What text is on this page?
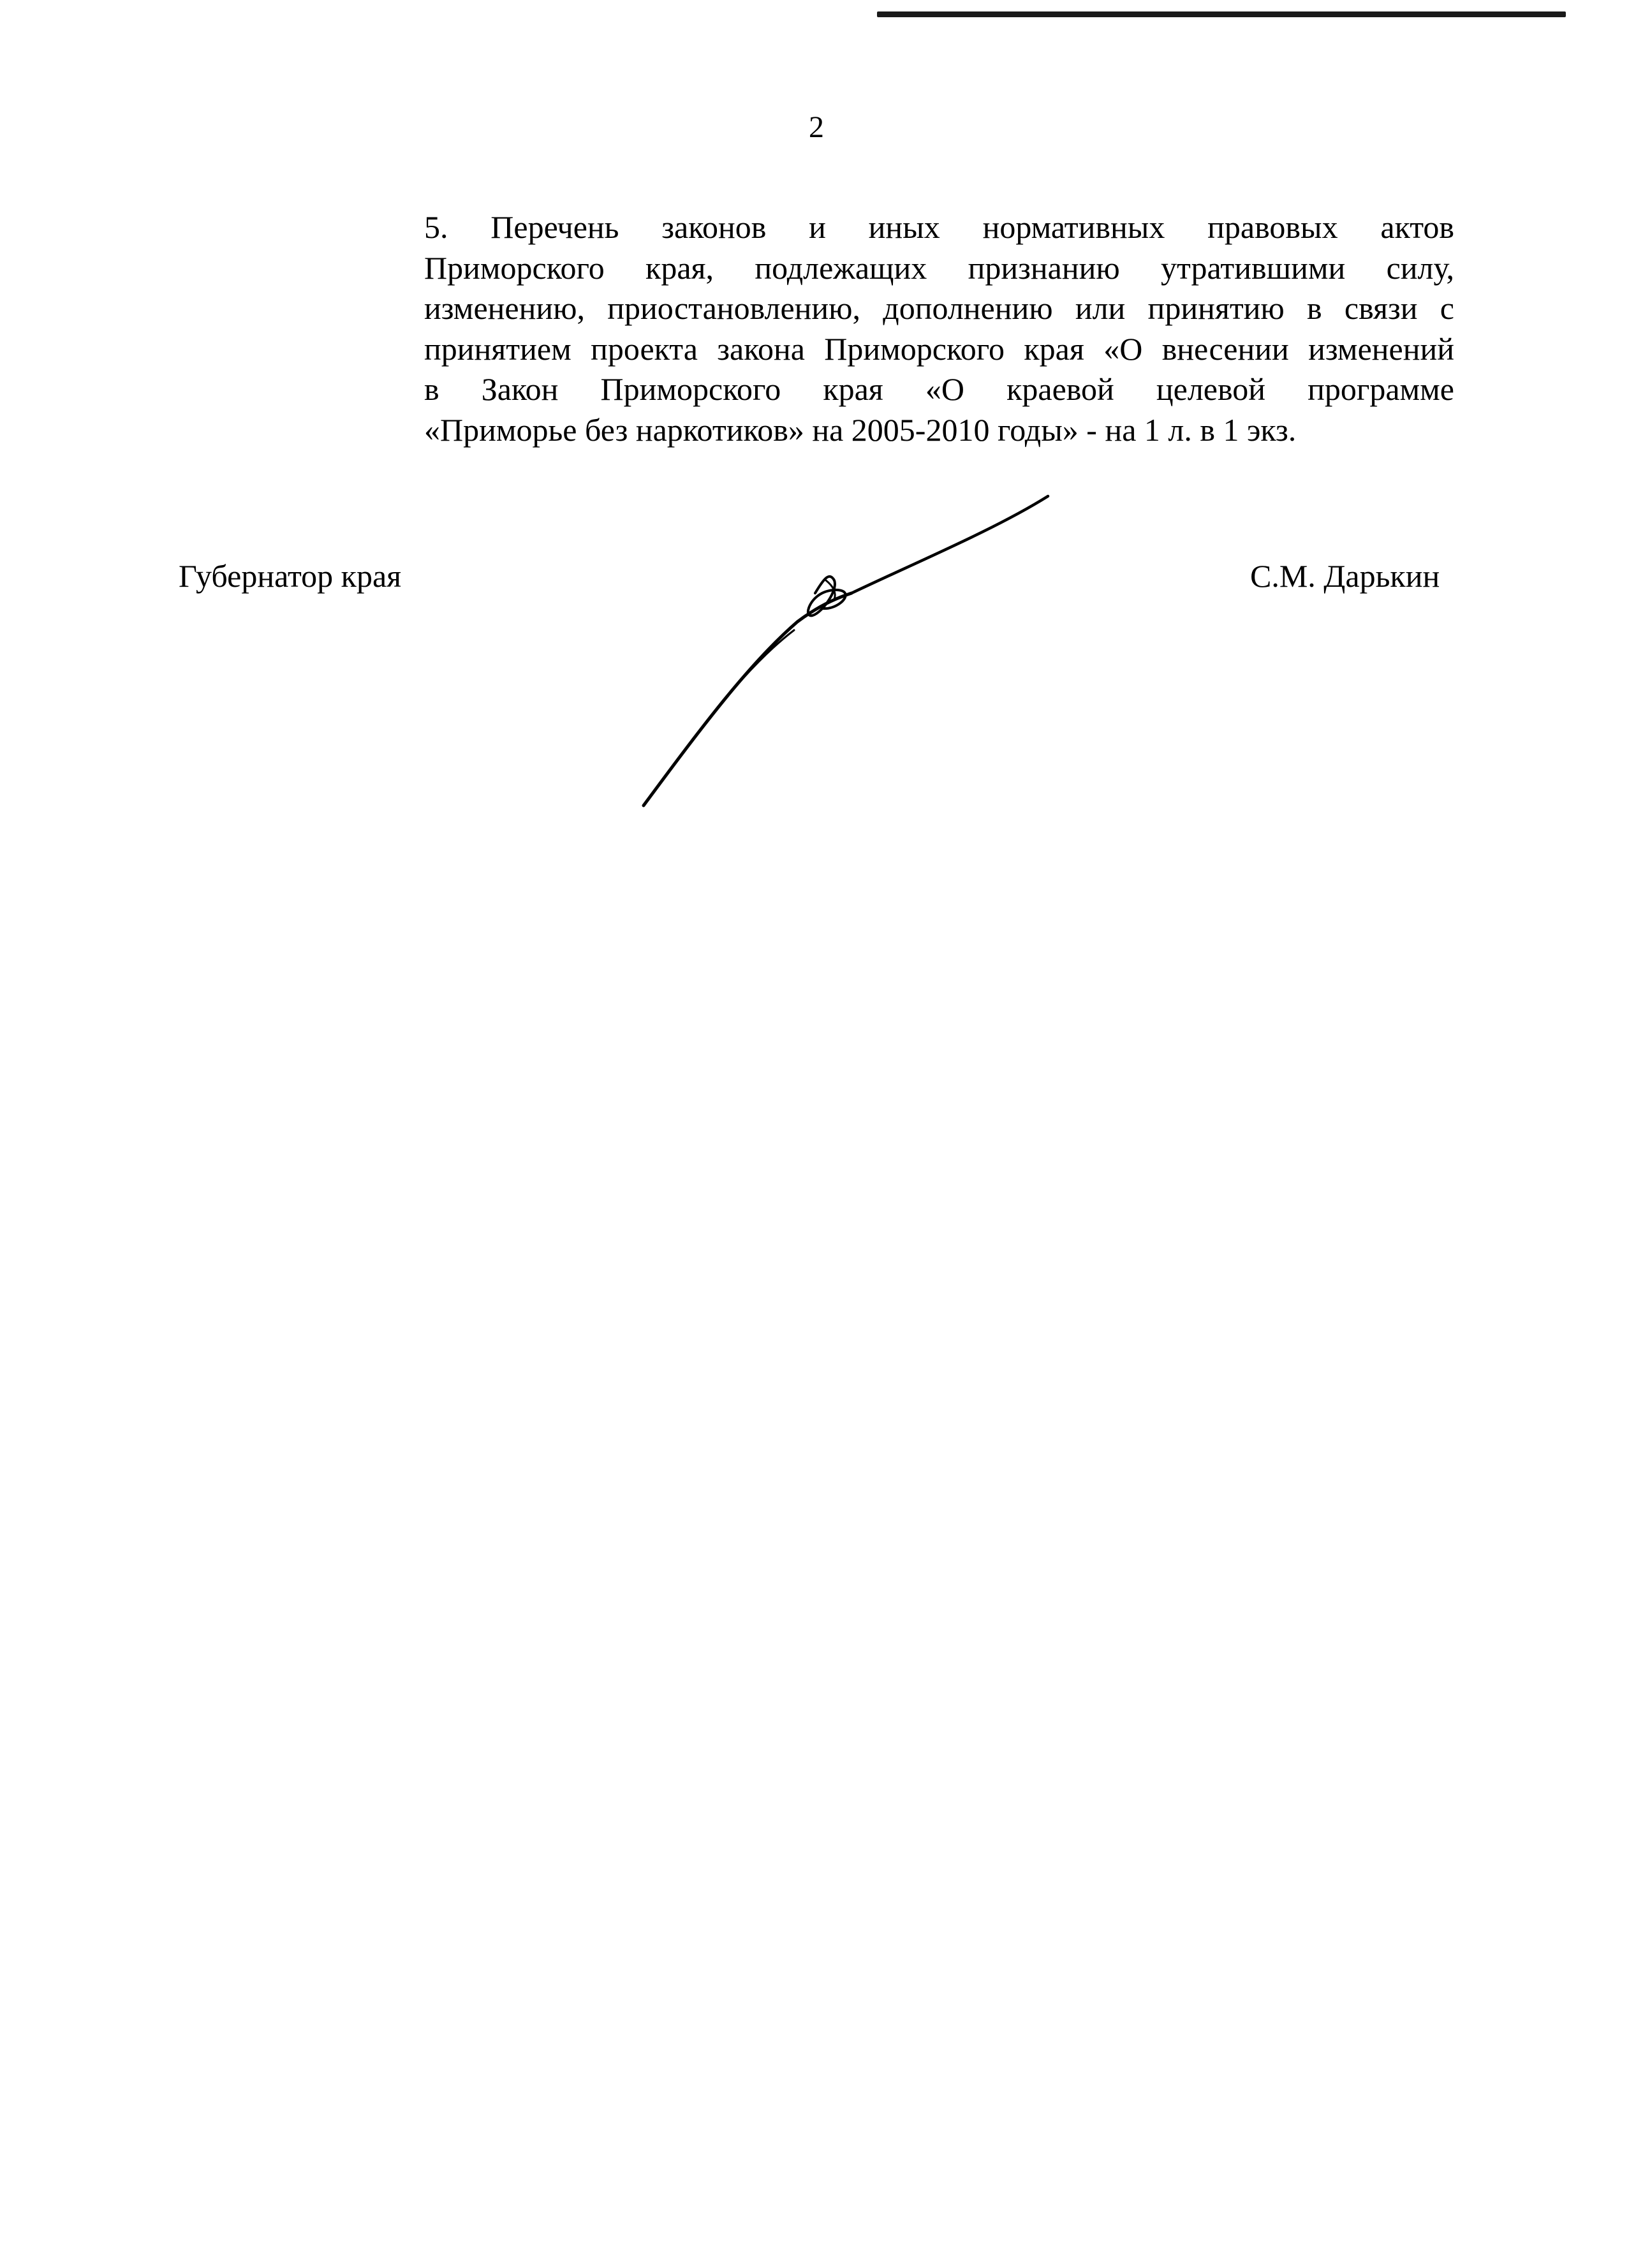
2
5. Перечень законов и иных нормативных правовых актов
Приморского края, подлежащих признанию утратившими силу,
изменению, приостановлению, дополнению или принятию в связи с
принятием проекта закона Приморского края «О внесении изменений
в Закон Приморского края «О краевой целевой программе
«Приморье без наркотиков» на 2005-2010 годы» - на 1 л. в 1 экз.
Губернатор края	С.М. Дарькин
